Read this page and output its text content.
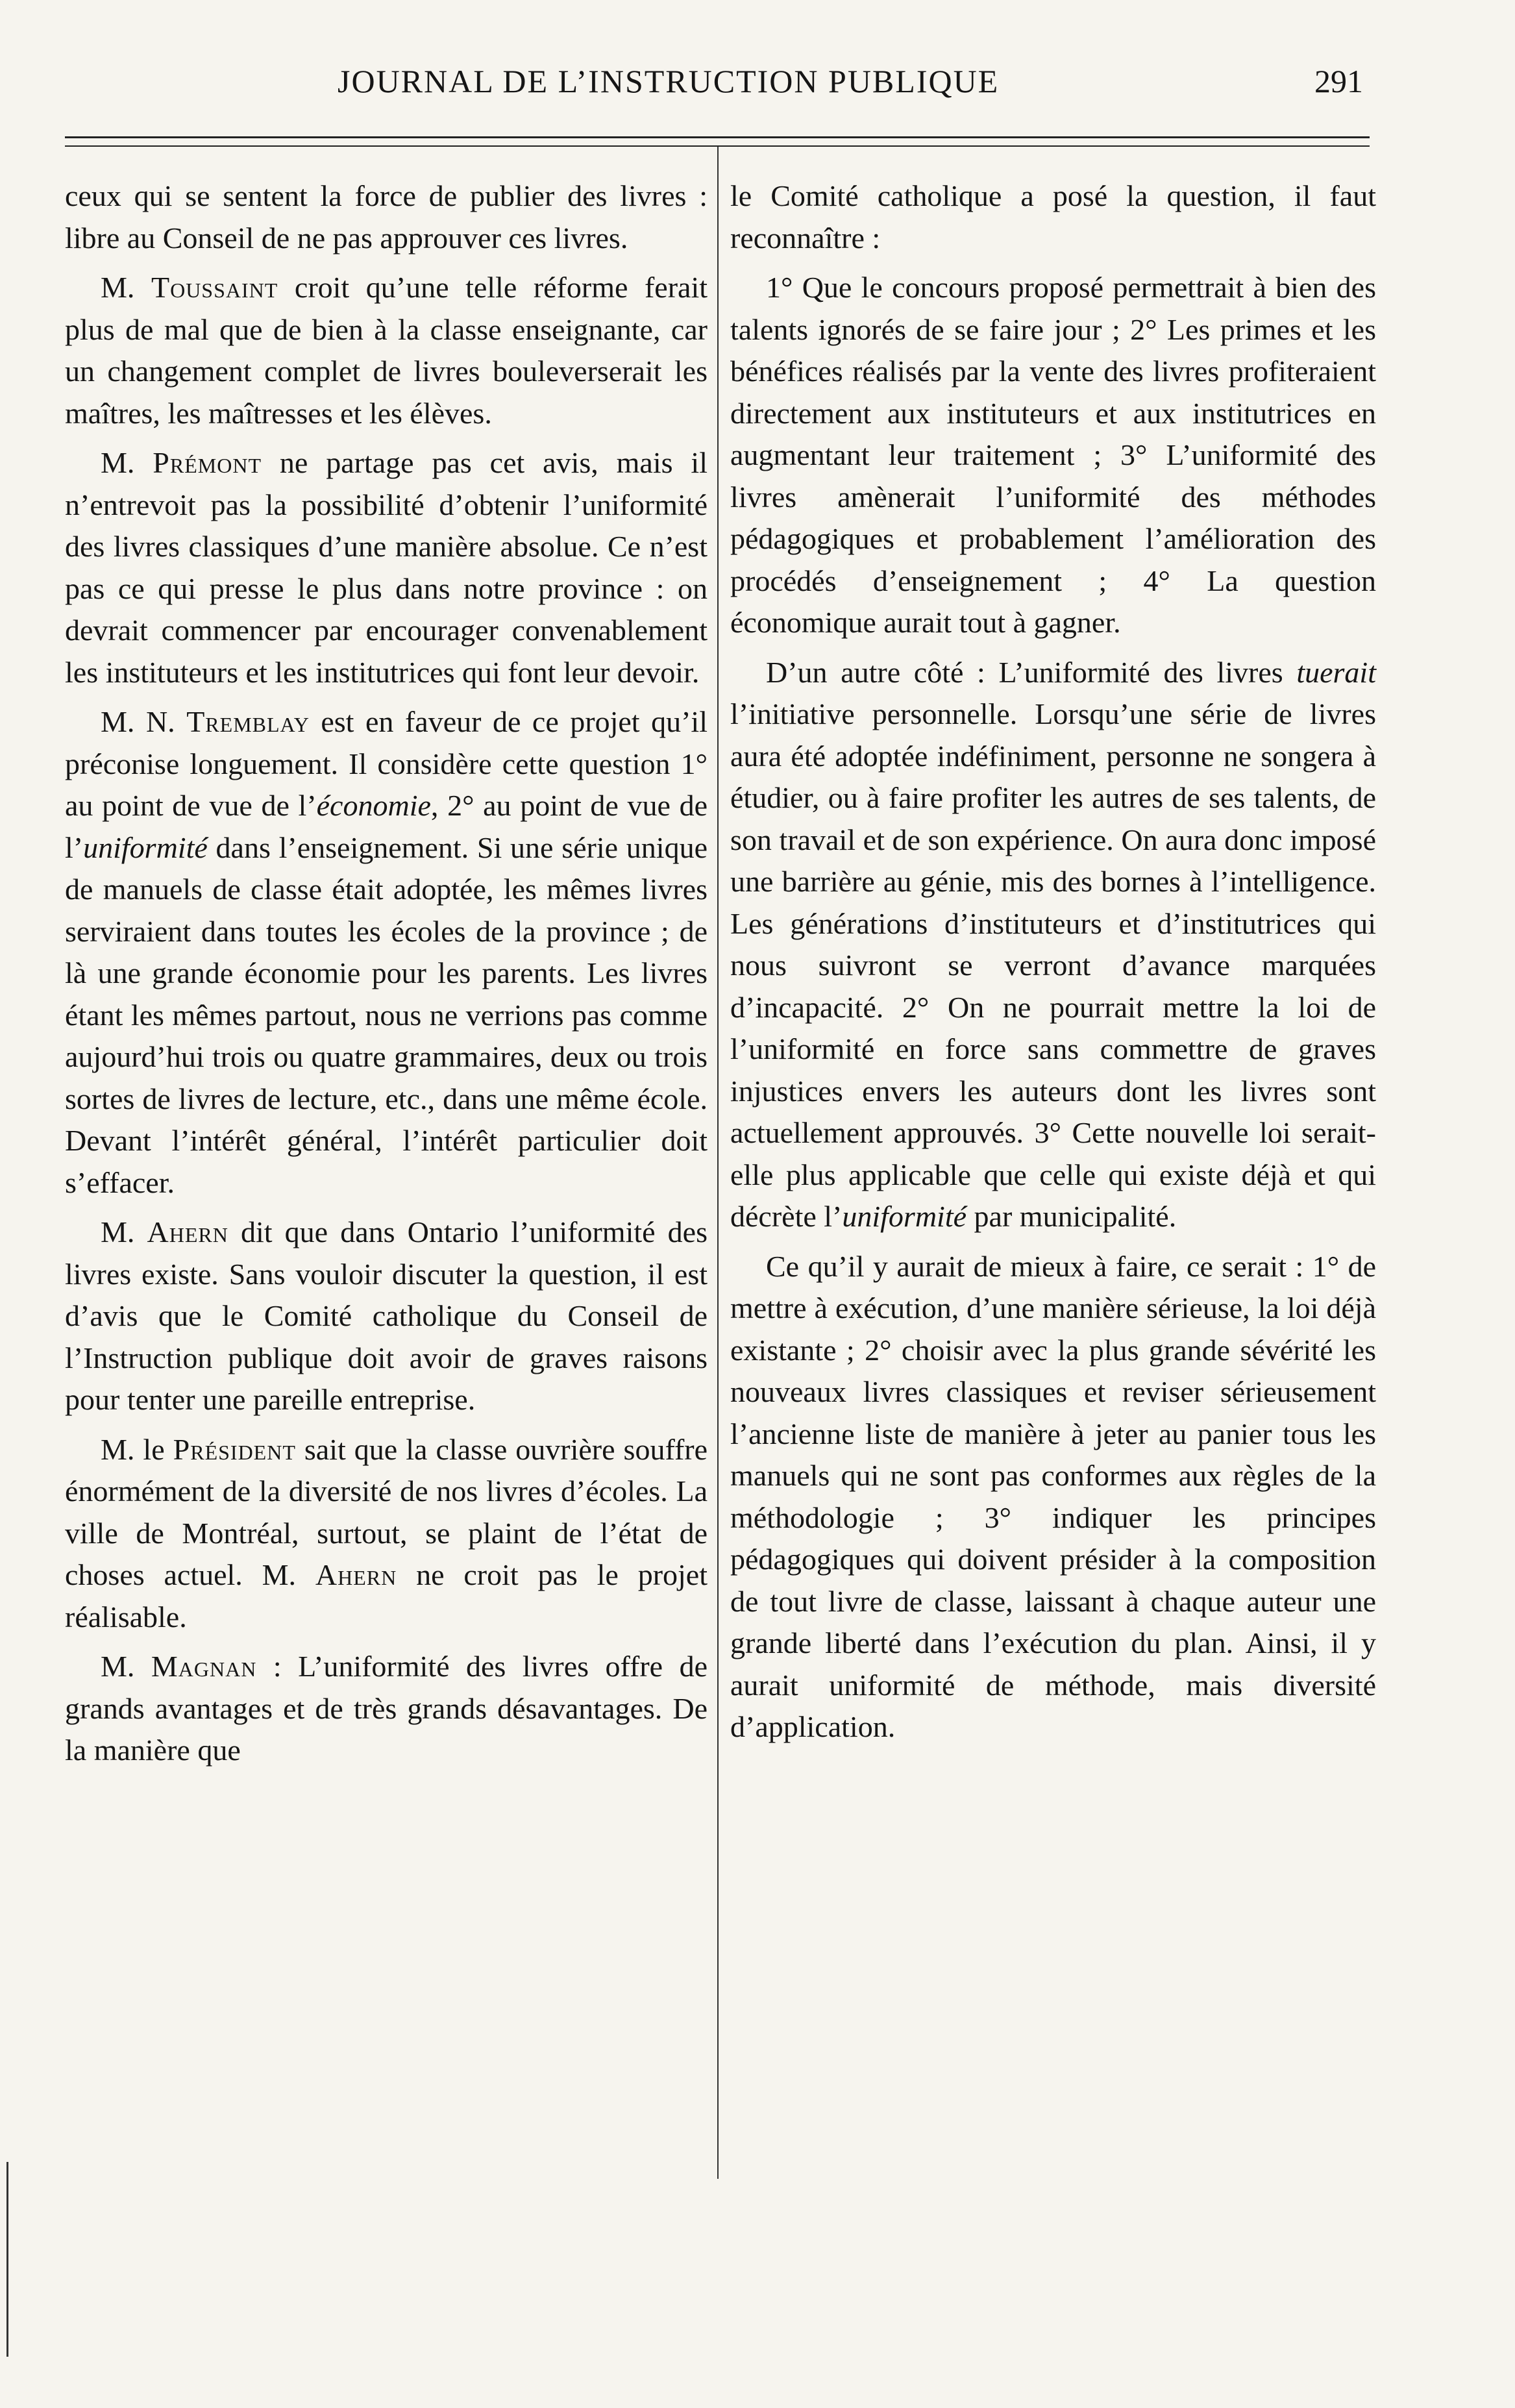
JOURNAL DE L’INSTRUCTION PUBLIQUE	291

ceux qui se sentent la force de publier des livres : libre au Conseil de ne pas approuver ces livres.

M. Toussaint croit qu’une telle réforme ferait plus de mal que de bien à la classe enseignante, car un changement complet de livres bouleverserait les maîtres, les maîtresses et les élèves.

M. Prémont ne partage pas cet avis, mais il n’entrevoit pas la possibilité d’obtenir l’uniformité des livres classiques d’une manière absolue. Ce n’est pas ce qui presse le plus dans notre province : on devrait commencer par encourager convenablement les instituteurs et les institutrices qui font leur devoir.

M. N. Tremblay est en faveur de ce projet qu’il préconise longuement. Il considère cette question 1° au point de vue de l’économie, 2° au point de vue de l’uniformité dans l’enseignement. Si une série unique de manuels de classe était adoptée, les mêmes livres serviraient dans toutes les écoles de la province ; de là une grande économie pour les parents. Les livres étant les mêmes partout, nous ne verrions pas comme aujourd’hui trois ou quatre grammaires, deux ou trois sortes de livres de lecture, etc., dans une même école. Devant l’intérêt général, l’intérêt particulier doit s’effacer.

M. Ahern dit que dans Ontario l’uniformité des livres existe. Sans vouloir discuter la question, il est d’avis que le Comité catholique du Conseil de l’Instruction publique doit avoir de graves raisons pour tenter une pareille entreprise.

M. le Président sait que la classe ouvrière souffre énormément de la diversité de nos livres d’écoles. La ville de Montréal, surtout, se plaint de l’état de choses actuel. M. Ahern ne croit pas le projet réalisable.

M. Magnan : L’uniformité des livres offre de grands avantages et de très grands désavantages. De la manière que

le Comité catholique a posé la question, il faut reconnaître :

1° Que le concours proposé permettrait à bien des talents ignorés de se faire jour ; 2° Les primes et les bénéfices réalisés par la vente des livres profiteraient directement aux instituteurs et aux institutrices en augmentant leur traitement ; 3° L’uniformité des livres amènerait l’uniformité des méthodes pédagogiques et probablement l’amélioration des procédés d’enseignement ; 4° La question économique aurait tout à gagner.

D’un autre côté : L’uniformité des livres tuerait l’initiative personnelle. Lorsqu’une série de livres aura été adoptée indéfiniment, personne ne songera à étudier, ou à faire profiter les autres de ses talents, de son travail et de son expérience. On aura donc imposé une barrière au génie, mis des bornes à l’intelligence. Les générations d’instituteurs et d’institutrices qui nous suivront se verront d’avance marquées d’incapacité. 2° On ne pourrait mettre la loi de l’uniformité en force sans commettre de graves injustices envers les auteurs dont les livres sont actuellement approuvés. 3° Cette nouvelle loi serait-elle plus applicable que celle qui existe déjà et qui décrète l’uniformité par municipalité.

Ce qu’il y aurait de mieux à faire, ce serait : 1° de mettre à exécution, d’une manière sérieuse, la loi déjà existante ; 2° choisir avec la plus grande sévérité les nouveaux livres classiques et reviser sérieusement l’ancienne liste de manière à jeter au panier tous les manuels qui ne sont pas conformes aux règles de la méthodologie ; 3° indiquer les principes pédagogiques qui doivent présider à la composition de tout livre de classe, laissant à chaque auteur une grande liberté dans l’exécution du plan. Ainsi, il y aurait uniformité de méthode, mais diversité d’application.
